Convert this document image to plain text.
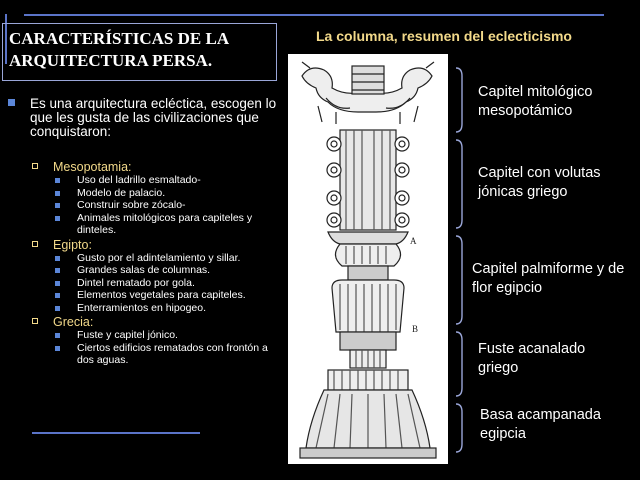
CARACTERÍSTICAS DE LA ARQUITECTURA PERSA.
La columna, resumen del eclecticismo
Es una arquitectura ecléctica, escogen lo que les gusta de las civilizaciones que conquistaron:

Mesopotamia:

Uso del ladrillo esmaltado-
Modelo de palacio.
Construir sobre zócalo-
Animales mitológicos para capiteles y dinteles.

Egipto:

Gusto por el adintelamiento y sillar.
Grandes salas de columnas.
Dintel rematado por gola.
Elementos vegetales para capiteles.
Enterramientos en hipogeo.

Grecia:

Fuste y capitel jónico.
Ciertos edificios rematados con frontón a dos aguas.
A
B
Capitel mitológico mesopotámico
Capitel con volutas jónicas griego
Capitel palmiforme y de flor egipcio
Fuste acanalado griego
Basa acampanada egipcia
